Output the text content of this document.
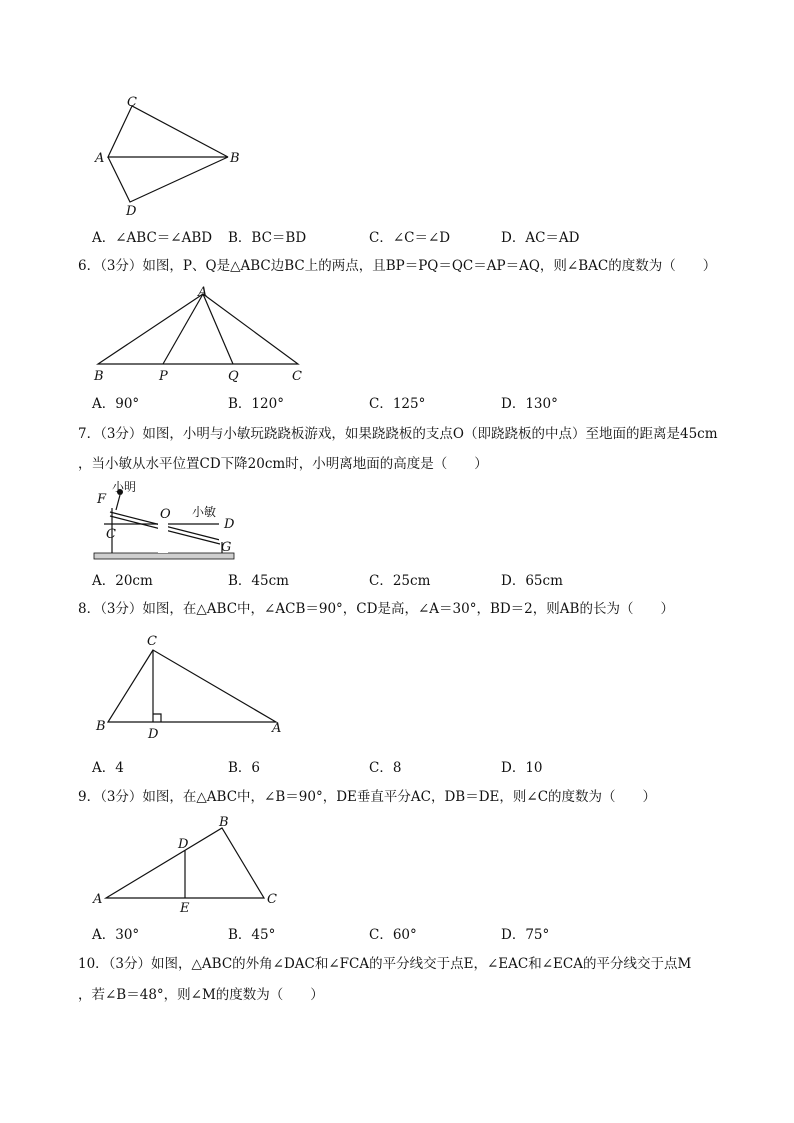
C
A	B
D
A．∠ABC＝∠ABD B．BC＝BD	C．∠C＝∠D	D．AC＝AD
6．（3分）如图，P、Q是△ABC边BC上的两点，且BP＝PQ＝QC＝AP＝AQ，则∠BAC的度数为（　　）
A
B	P	Q	C
A．90°	B．120°	C．125°	D．130°
7．（3分）如图，小明与小敏玩跷跷板游戏，如果跷跷板的支点O（即跷跷板的中点）至地面的距离是45cm
，当小敏从水平位置CD下降20cm时，小明离地面的高度是（　　）
F
小明
O 小敏
C
D
G
A．20cm	B．45cm	C．25cm	D．65cm
8．（3分）如图，在△ABC中，∠ACB＝90°，CD是高，∠A＝30°，BD＝2，则AB的长为（　　）
C
B
D	A
A．4	B．6	C．8	D．10
9．（3分）如图，在△ABC中，∠B＝90°，DE垂直平分AC，DB＝DE，则∠C的度数为（　　）
B
D
A
E
C
A．30°	B．45°	C．60°	D．75°
10．（3分）如图，△ABC的外角∠DAC和∠FCA的平分线交于点E，∠EAC和∠ECA的平分线交于点M
，若∠B＝48°，则∠M的度数为（　　）
